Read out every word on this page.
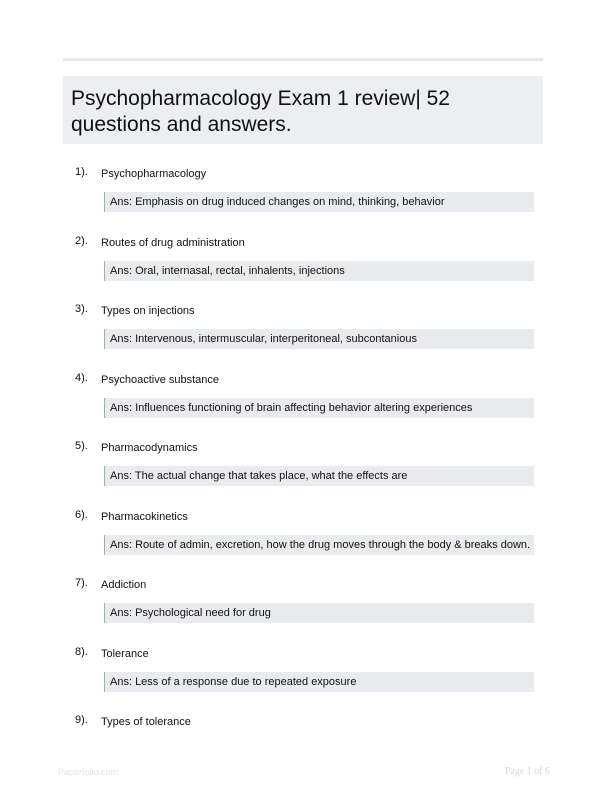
Psychopharmacology Exam 1 review| 52 questions and answers.
1). Psychopharmacology
Ans: Emphasis on drug induced changes on mind, thinking, behavior
2). Routes of drug administration
Ans: Oral, internasal, rectal, inhalents, injections
3). Types on injections
Ans: Intervenous, intermuscular, interperitoneal, subcontanious
4). Psychoactive substance
Ans: Influences functioning of brain affecting behavior altering experiences
5). Pharmacodynamics
Ans: The actual change that takes place, what the effects are
6). Pharmacokinetics
Ans: Route of admin, excretion, how the drug moves through the body & breaks down.
7). Addiction
Ans: Psychological need for drug
8). Tolerance
Ans: Less of a response due to repeated exposure
9). Types of tolerance
Paperfolio.com	Page 1 of 6
